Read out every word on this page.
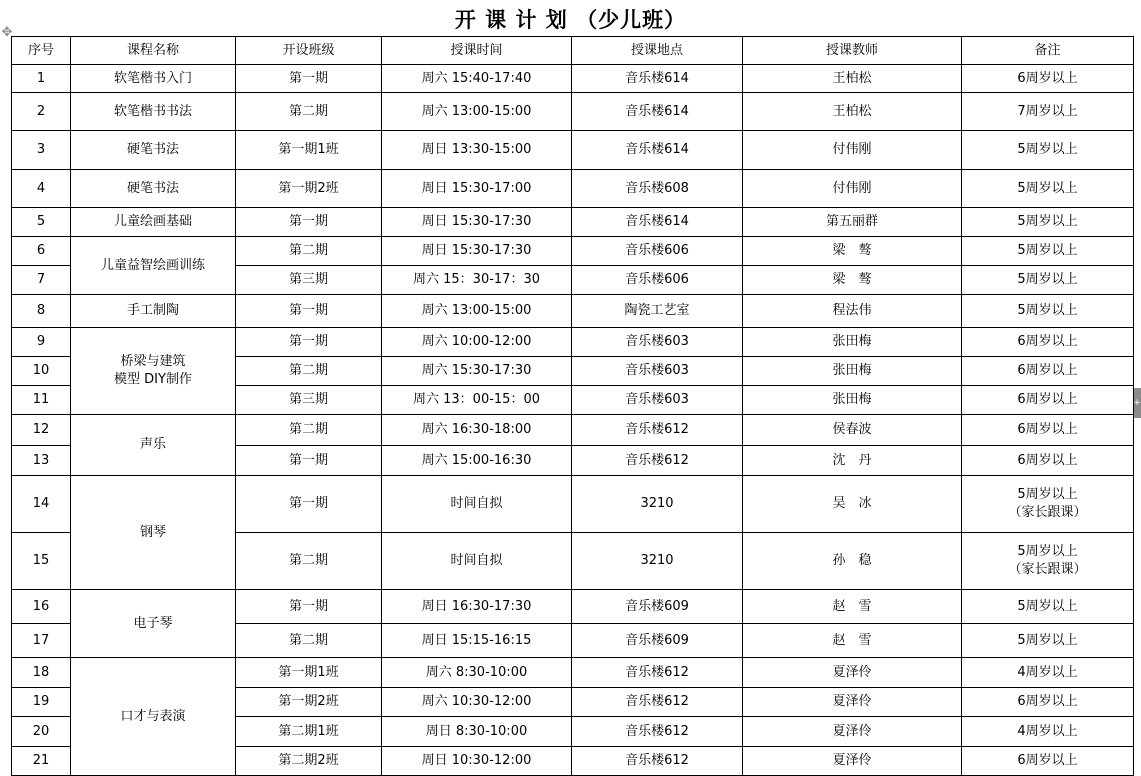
开 课 计 划 （少儿班）
✥
+
序号	课程名称	开设班级	授课时间	授课地点	授课教师	备注
1	软笔楷书入门	第一期	周六 15:40-17:40	音乐楼614	王柏松	6周岁以上
2	软笔楷书书法	第二期	周六 13:00-15:00	音乐楼614	王柏松	7周岁以上
3	硬笔书法	第一期1班	周日 13:30-15:00	音乐楼614	付伟刚	5周岁以上
4	硬笔书法	第一期2班	周日 15:30-17:00	音乐楼608	付伟刚	5周岁以上
5	儿童绘画基础	第一期	周日 15:30-17:30	音乐楼614	第五丽群	5周岁以上
6	儿童益智绘画训练	第二期	周日 15:30-17:30	音乐楼606	梁　骜	5周岁以上
7		第三期	周六 15：30-17：30	音乐楼606	梁　骜	5周岁以上
8	手工制陶	第一期	周六 13:00-15:00	陶瓷工艺室	程法伟	5周岁以上
9	桥梁与建筑
模型 DIY制作	第一期	周六 10:00-12:00	音乐楼603	张田梅	6周岁以上
10		第二期	周六 15:30-17:30	音乐楼603	张田梅	6周岁以上
11		第三期	周六 13：00-15：00	音乐楼603	张田梅	6周岁以上
12	声乐	第二期	周六 16:30-18:00	音乐楼612	侯春波	6周岁以上
13		第一期	周六 15:00-16:30	音乐楼612	沈　丹	6周岁以上
14	钢琴	第一期	时间自拟	3210	吴　冰	5周岁以上
（家长跟课）

15		第二期	时间自拟	3210	孙　稳	5周岁以上
（家长跟课）

16	电子琴	第一期	周日 16:30-17:30	音乐楼609	赵　雪	5周岁以上
17		第二期	周日 15:15-16:15	音乐楼609	赵　雪	5周岁以上
18	口才与表演	第一期1班	周六 8:30-10:00	音乐楼612	夏泽伶	4周岁以上
19		第一期2班	周六 10:30-12:00	音乐楼612	夏泽伶	6周岁以上
20		第二期1班	周日 8:30-10:00	音乐楼612	夏泽伶	4周岁以上
21		第二期2班	周日 10:30-12:00	音乐楼612	夏泽伶	6周岁以上
